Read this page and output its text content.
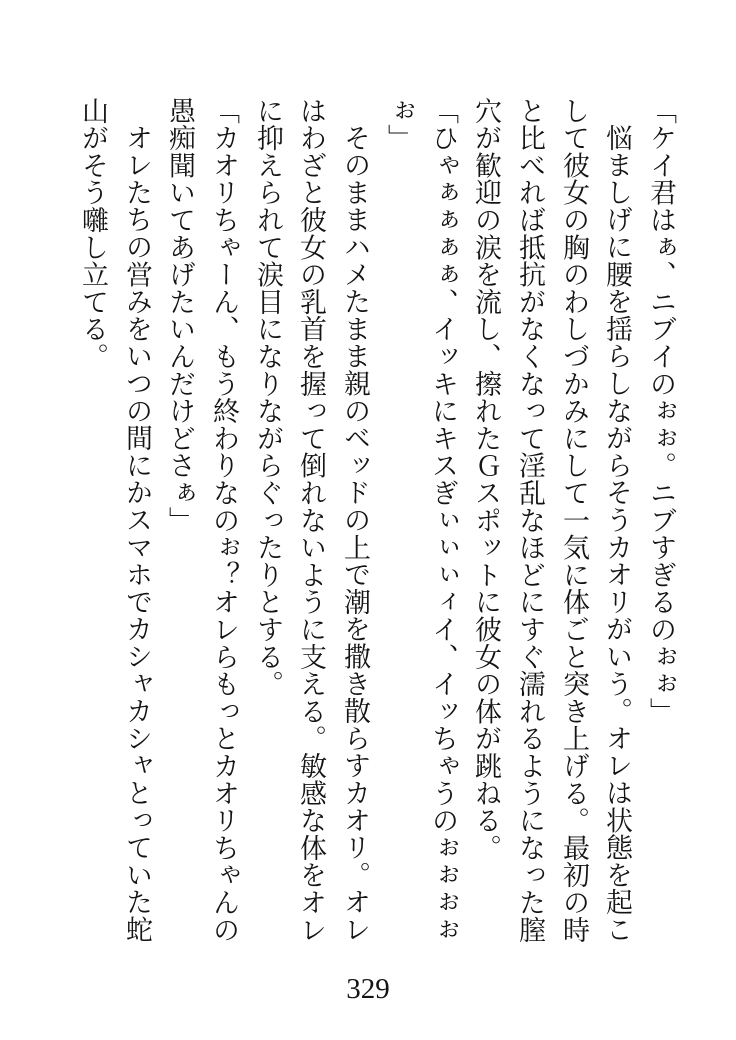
「ケイ君はぁ、ニブイのぉぉ。ニブすぎるのぉぉ」
悩ましげに腰を揺らしながらそうカオリがいう。オレは状態を起こ
して彼女の胸のわしづかみにして一気に体ごと突き上げる。最初の時
と比べれば抵抗がなくなって淫乱なほどにすぐ濡れるようになった膣
穴が歓迎の涙を流し、擦れたＧスポットに彼女の体が跳ねる。
「ひゃぁぁぁぁ、イッキにキスぎぃぃぃィイ、イッちゃうのぉぉぉぉ
ぉ」
そのままハメたまま親のベッドの上で潮を撒き散らすカオリ。オレ
はわざと彼女の乳首を握って倒れないように支える。敏感な体をオレ
に抑えられて涙目になりながらぐったりとする。
「カオリちゃーん、もう終わりなのぉ？オレらもっとカオリちゃんの
愚痴聞いてあげたいんだけどさぁ」
オレたちの営みをいつの間にかスマホでカシャカシャとっていた蛇
山がそう囃し立てる。
329
